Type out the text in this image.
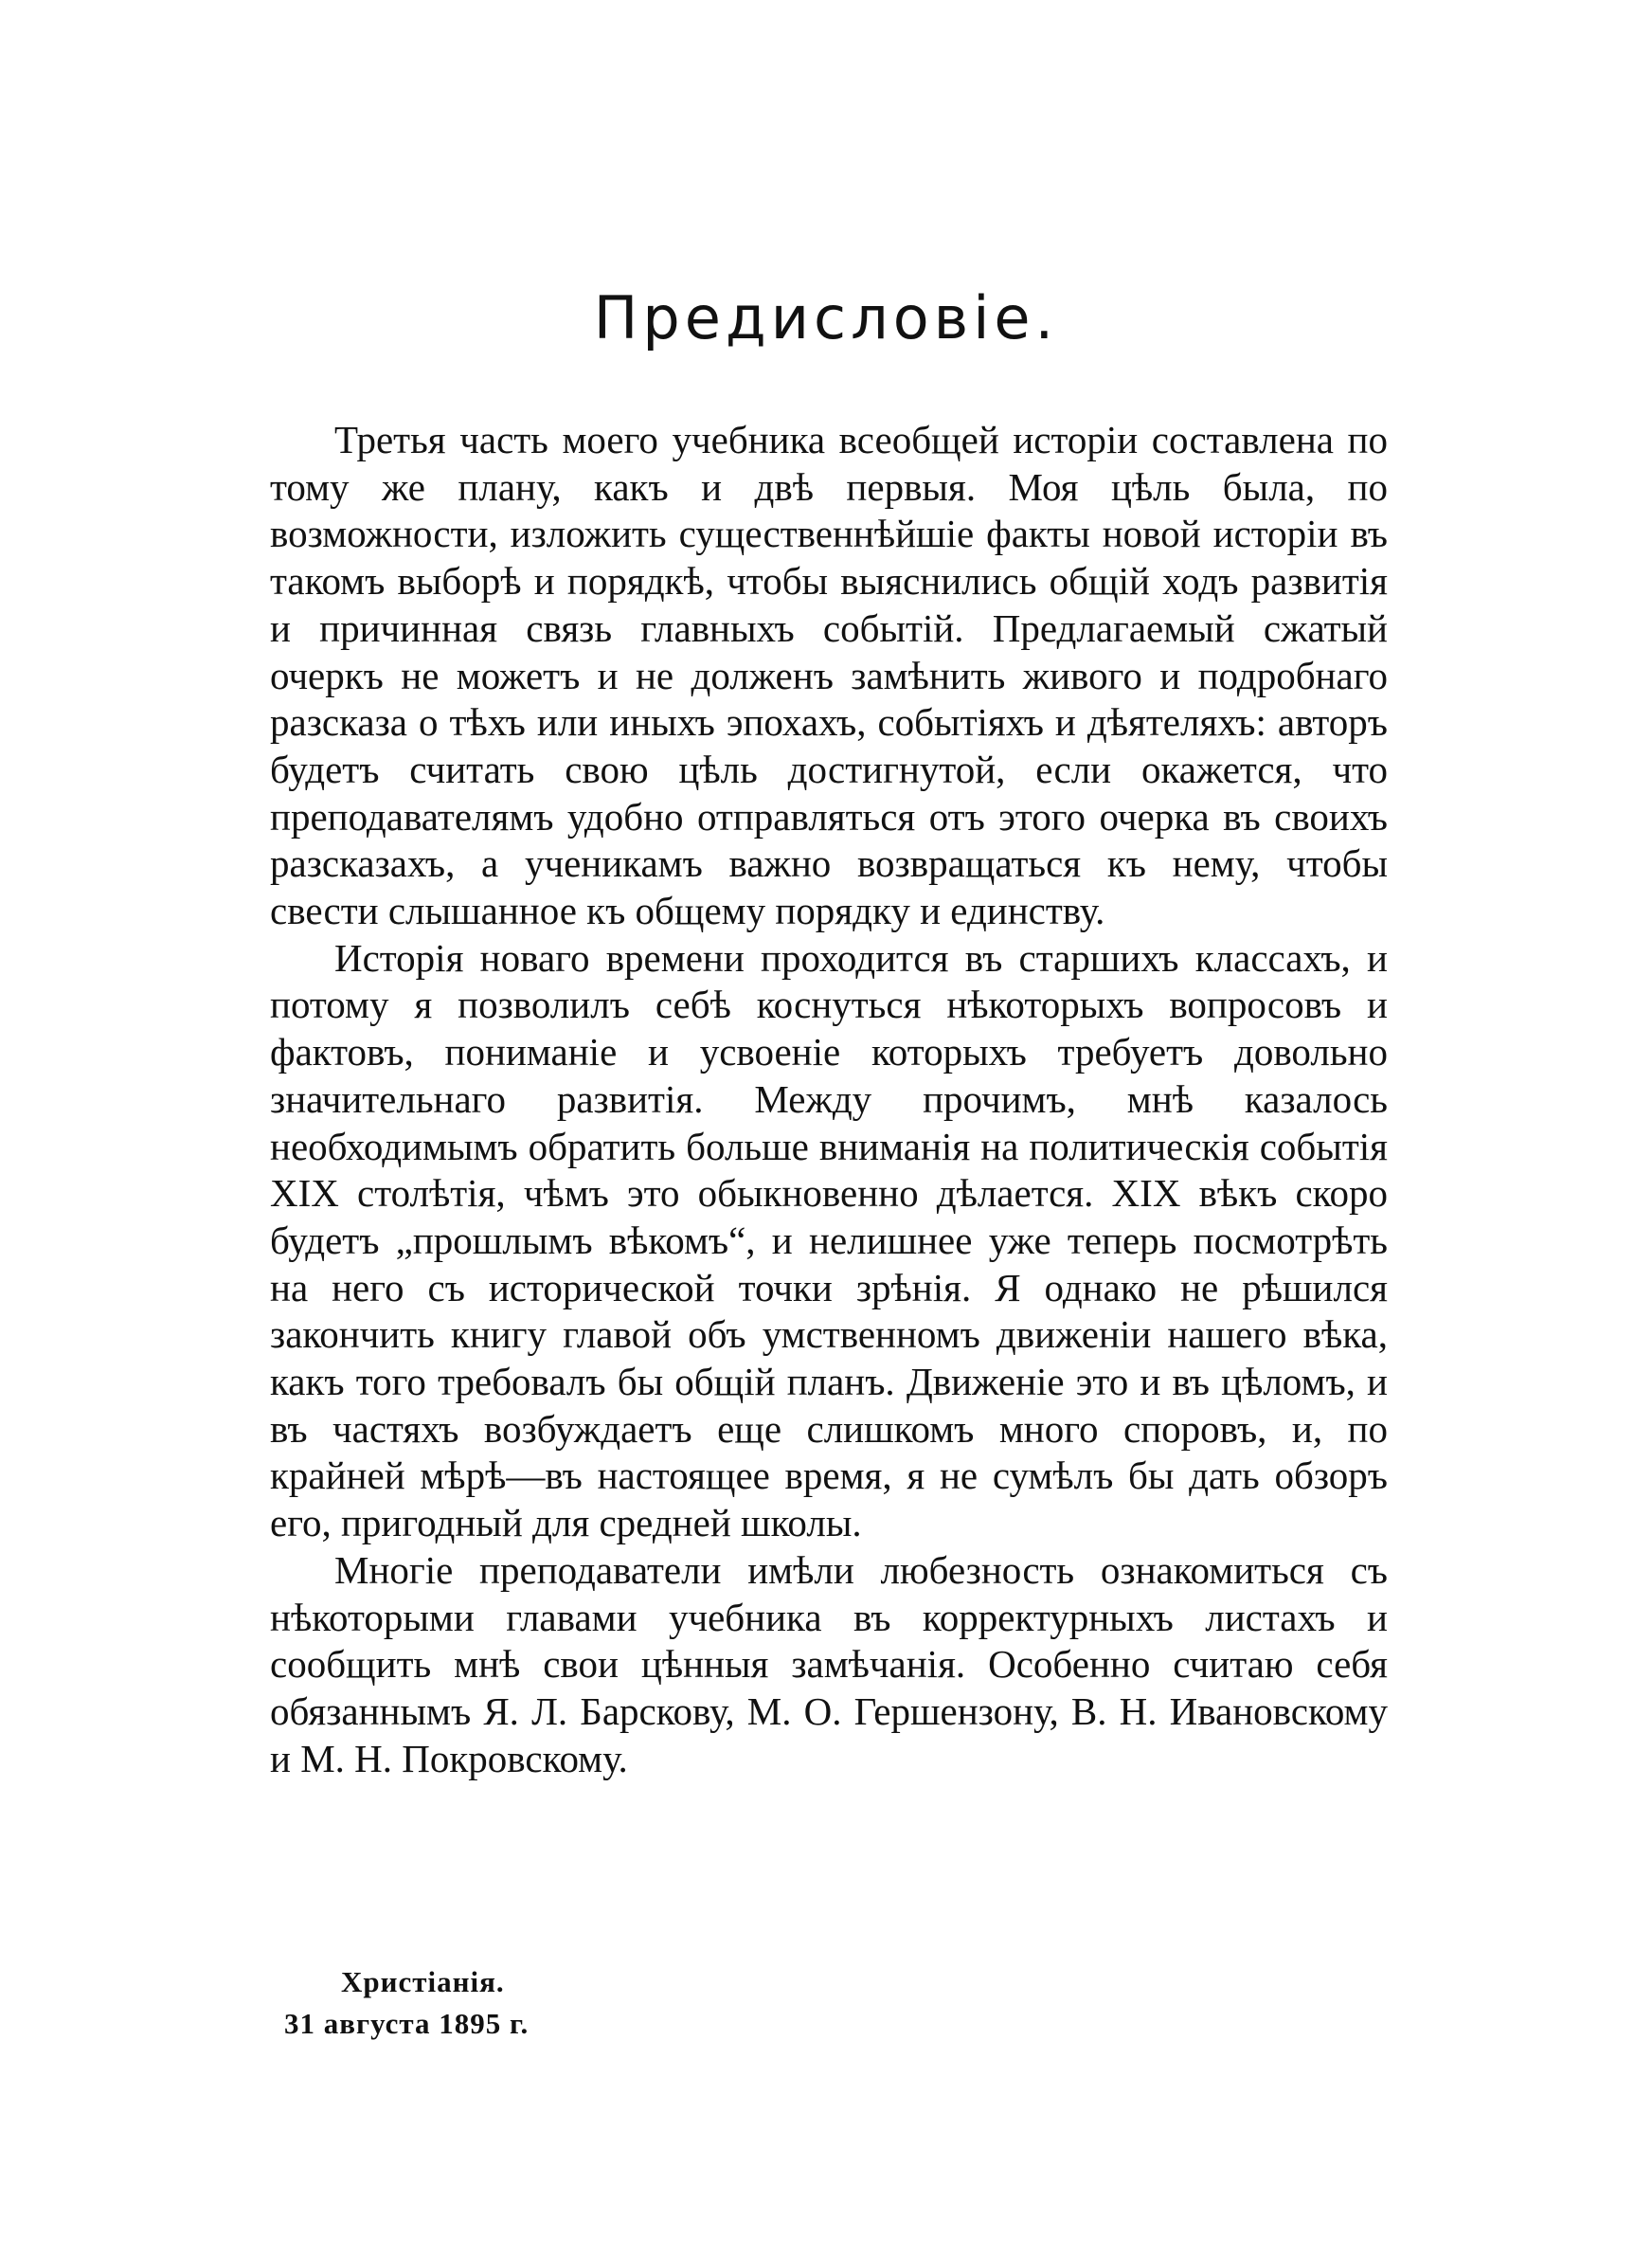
Предисловіе.

Третья часть моего учебника всеобщей исторіи составлена по тому же плану, какъ и двѣ первыя. Моя цѣль была, по возможности, изложить существеннѣйшіе факты новой исторіи въ такомъ выборѣ и порядкѣ, чтобы выяснились общій ходъ развитія и причинная связь главныхъ событій. Предлагаемый сжатый очеркъ не можетъ и не долженъ замѣнить живого и подробнаго разсказа о тѣхъ или иныхъ эпохахъ, событіяхъ и дѣятеляхъ: авторъ будетъ считать свою цѣль достигнутой, если окажется, что преподавателямъ удобно отправляться отъ этого очерка въ своихъ разсказахъ, а ученикамъ важно возвращаться къ нему, чтобы свести слышанное къ общему порядку и единству.

Исторія новаго времени проходится въ старшихъ классахъ, и потому я позволилъ себѣ коснуться нѣкоторыхъ вопросовъ и фактовъ, пониманіе и усвоеніе которыхъ требуетъ довольно значительнаго развитія. Между прочимъ, мнѣ казалось необходимымъ обратить больше вниманія на политическія событія XIX столѣтія, чѣмъ это обыкновенно дѣлается. XIX вѣкъ скоро будетъ „прошлымъ вѣкомъ“, и нелишнее уже теперь посмотрѣть на него съ исторической точки зрѣнія. Я однако не рѣшился закончить книгу главой объ умственномъ движеніи нашего вѣка, какъ того требовалъ бы общій планъ. Движеніе это и въ цѣломъ, и въ частяхъ возбуждаетъ еще слишкомъ много споровъ, и, по крайней мѣрѣ—въ настоящее время, я не сумѣлъ бы дать обзоръ его, пригодный для средней школы.

Многіе преподаватели имѣли любезность ознакомиться съ нѣкоторыми главами учебника въ корректурныхъ листахъ и сообщить мнѣ свои цѣнныя замѣчанія. Особенно считаю себя обязаннымъ Я. Л. Барскову, М. О. Гершензону, В. Н. Ивановскому и М. Н. Покровскому.

Христіанія.
31 августа 1895 г.
